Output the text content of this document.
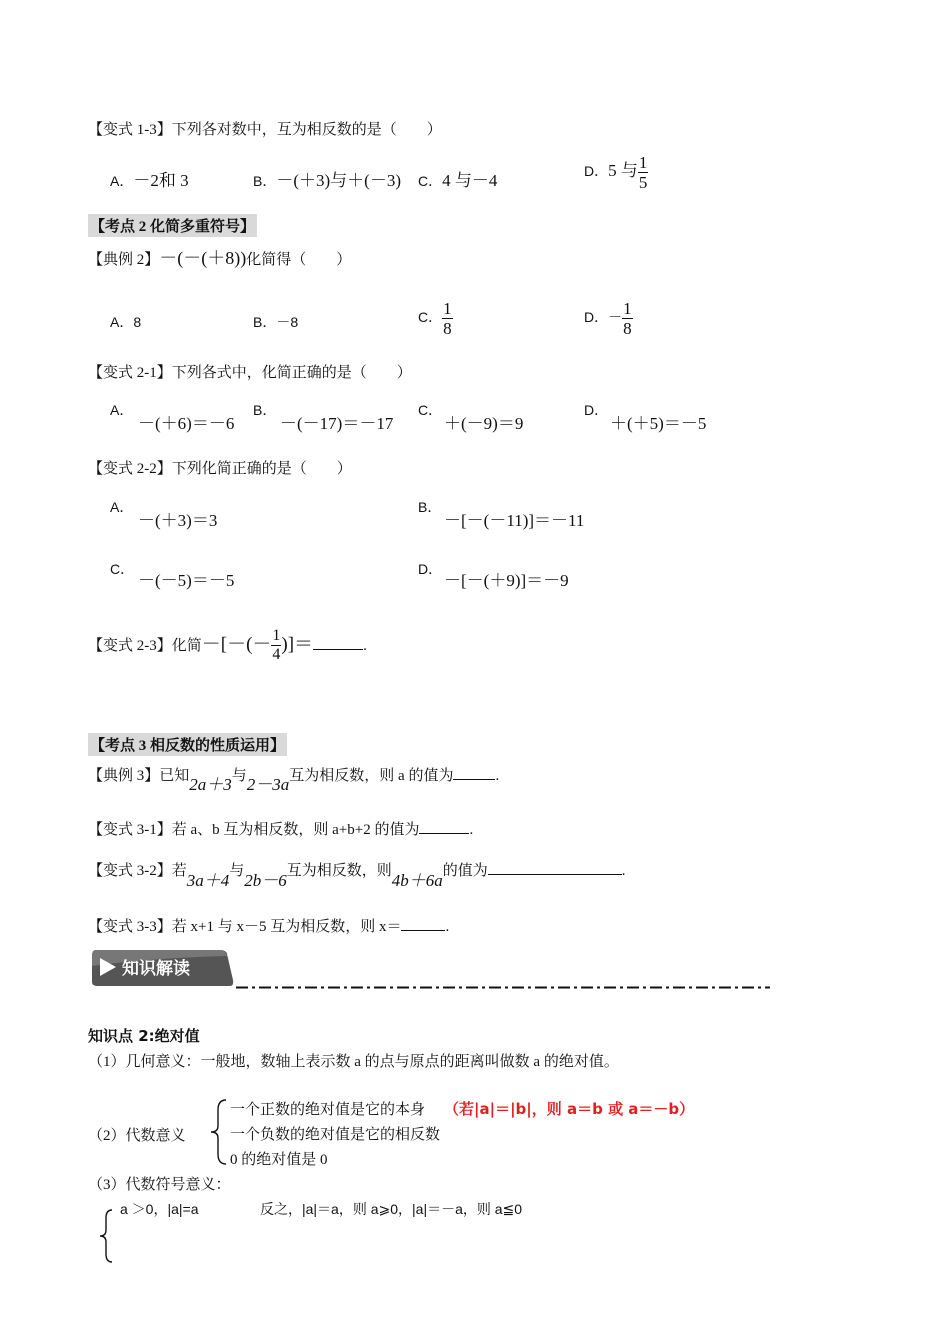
【变式 1-3】下列各对数中，互为相反数的是（　　）
A．－2和 3	B．－(＋3)与＋(－3) C．4 与－4	D．5 与 $\frac{1}{5}$
【考点 2 化简多重符号】
【典例 2】－(－(＋8))化简得（　　）
A．8	B．－8	C． $\frac{1}{8}$	D．－ $\frac{1}{8}$
【变式 2-1】下列各式中，化简正确的是（　　）
A．
－(＋6)＝－6
B．
－(－17)＝－17
C．
＋(－9)＝9
D．
＋(＋5)＝－5
【变式 2-2】下列化简正确的是（　　）
A．
－(＋3)＝3
B．
－[－(－11)]＝－11
C．
－(－5)＝－5
D．
－[－(＋9)]＝－9
【变式 2-3】化简－[－(－ $\frac{1}{4}$ )]＝	.
【考点 3 相反数的性质运用】
【典例 3】已知2a＋3与2－3a互为相反数，则 a 的值为	.
【变式 3-1】若 a、b 互为相反数，则 a+b+2 的值为	.
【变式 3-2】若3a＋4与2b－6互为相反数，则4b＋6a的值为	.
【变式 3-3】若 x+1 与 x－5 互为相反数，则 x＝	.
知识解读
知识点 2:绝对值
（1）几何意义：一般地，数轴上表示数 a 的点与原点的距离叫做数 a 的绝对值。
（2）代数意义
一个正数的绝对值是它的本身 （若|a|＝|b|，则 a＝b 或 a＝－b）
一个负数的绝对值是它的相反数
0 的绝对值是 0
（3）代数符号意义：
a ＞0，|a|=a	反之，|a|＝a，则 a⩾0，|a|＝－a，则 a≦0
